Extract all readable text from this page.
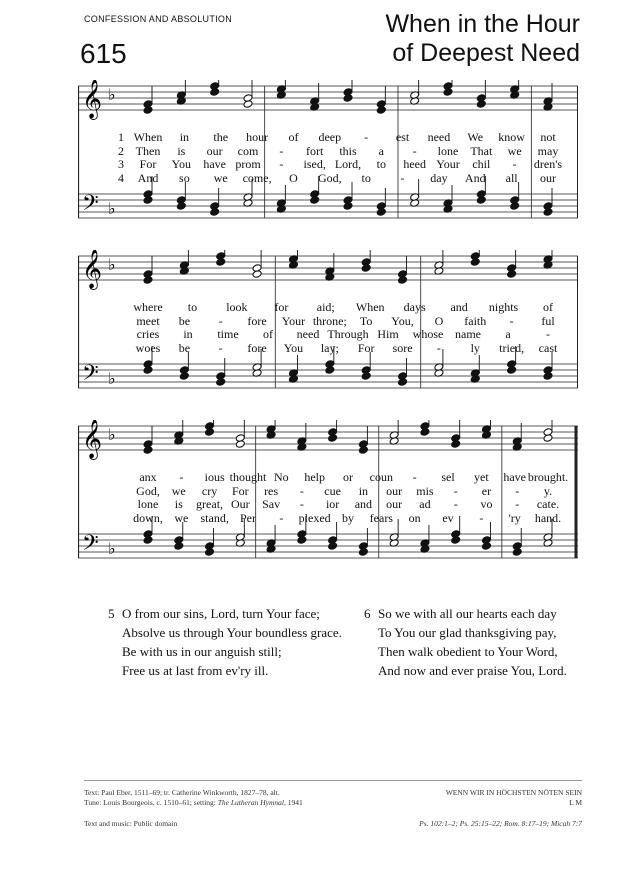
CONFESSION AND ABSOLUTION
615
When in the Hour
of Deepest Need
𝄞 ♭
𝄢 ♭
1 When in the hour of deep - est need We know not
2 Then is our com - fort this a - lone That we may
3 For You have prom - ised, Lord, to heed Your chil - dren's
4 And so we come, O God, to - day And all our
𝄞 ♭
𝄢 ♭
where to look for aid; When days and nights of
meet be - fore Your throne; To You, O faith - ful
cries in time of need Through Him whose name a	-
woes be - fore You lay; For sore - ly tried, cast
𝄞 ♭
𝄢 ♭
anx - ious thought No help or coun - sel yet have brought.
God, we cry For res - cue in our mis - er - y.
lone is great, Our Sav - ior and our ad - vo - cate.
down, we stand, Per - plexed by fears on ev - 'ry hand.
5 O from our sins, Lord, turn Your face;
Absolve us through Your boundless grace.
Be with us in our anguish still;
Free us at last from ev'ry ill.
6 So we with all our hearts each day
To You our glad thanksgiving pay,
Then walk obedient to Your Word,
And now and ever praise You, Lord.
Text: Paul Eber, 1511–69; tr. Catherine Winkworth, 1827–78, alt.
Tune: Louis Bourgeois, c. 1510–61; setting: The Lutheran Hymnal, 1941
WENN WIR IN HÖCHSTEN NÖTEN SEIN
L M
Text and music: Public domain	Ps. 102:1–2; Ps. 25:15–22; Rom. 8:17–19; Micah 7:7
